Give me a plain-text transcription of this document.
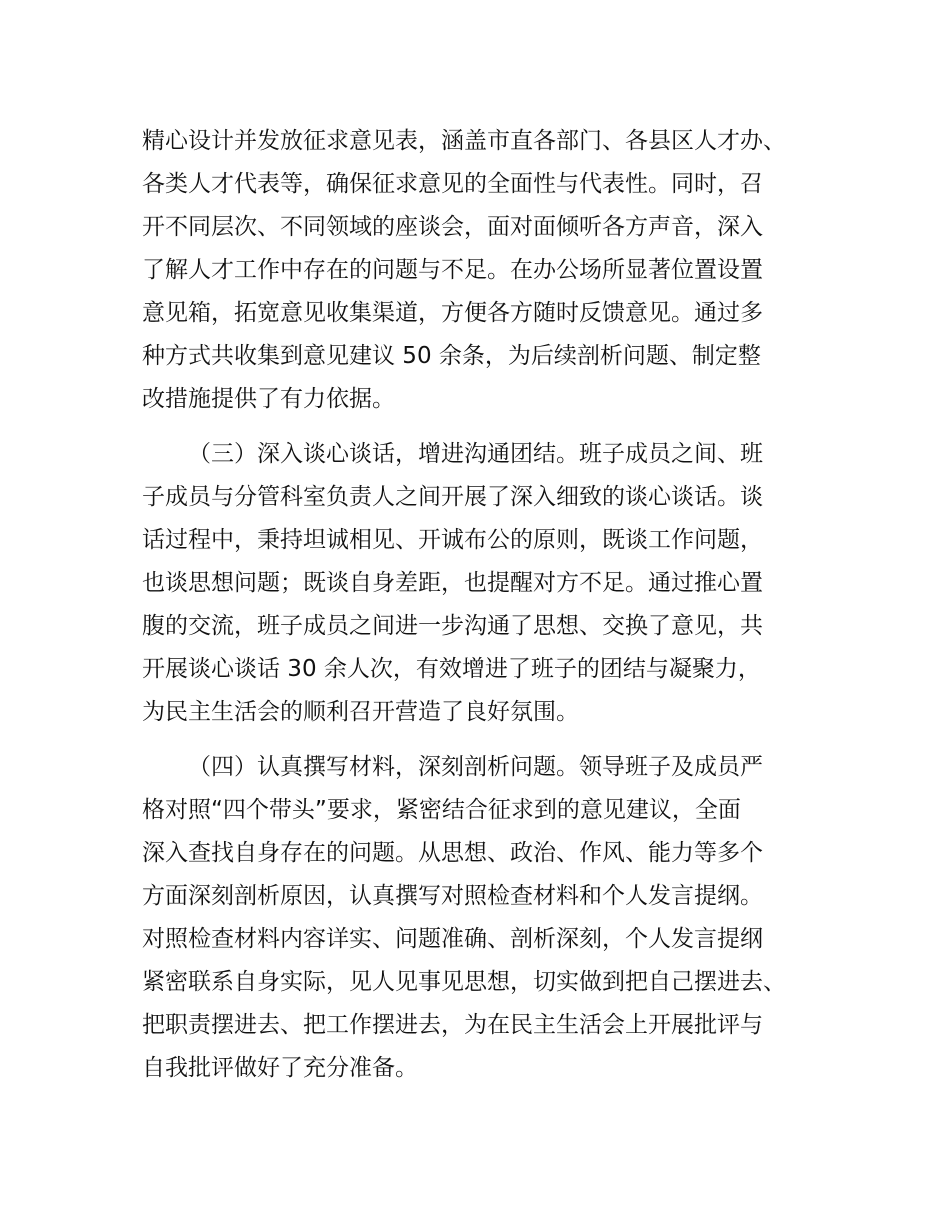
精心设计并发放征求意见表，涵盖市直各部门、各县区人才办、
各类人才代表等，确保征求意见的全面性与代表性。同时，召
开不同层次、不同领域的座谈会，面对面倾听各方声音，深入
了解人才工作中存在的问题与不足。在办公场所显著位置设置
意见箱，拓宽意见收集渠道，方便各方随时反馈意见。通过多
种方式共收集到意见建议 50 余条，为后续剖析问题、制定整
改措施提供了有力依据。

（三）深入谈心谈话，增进沟通团结。班子成员之间、班
子成员与分管科室负责人之间开展了深入细致的谈心谈话。谈
话过程中，秉持坦诚相见、开诚布公的原则，既谈工作问题，
也谈思想问题；既谈自身差距，也提醒对方不足。通过推心置
腹的交流，班子成员之间进一步沟通了思想、交换了意见，共
开展谈心谈话 30 余人次，有效增进了班子的团结与凝聚力，
为民主生活会的顺利召开营造了良好氛围。

（四）认真撰写材料，深刻剖析问题。领导班子及成员严
格对照“四个带头”要求，紧密结合征求到的意见建议，全面
深入查找自身存在的问题。从思想、政治、作风、能力等多个
方面深刻剖析原因，认真撰写对照检查材料和个人发言提纲。
对照检查材料内容详实、问题准确、剖析深刻，个人发言提纲
紧密联系自身实际，见人见事见思想，切实做到把自己摆进去、
把职责摆进去、把工作摆进去，为在民主生活会上开展批评与
自我批评做好了充分准备。
